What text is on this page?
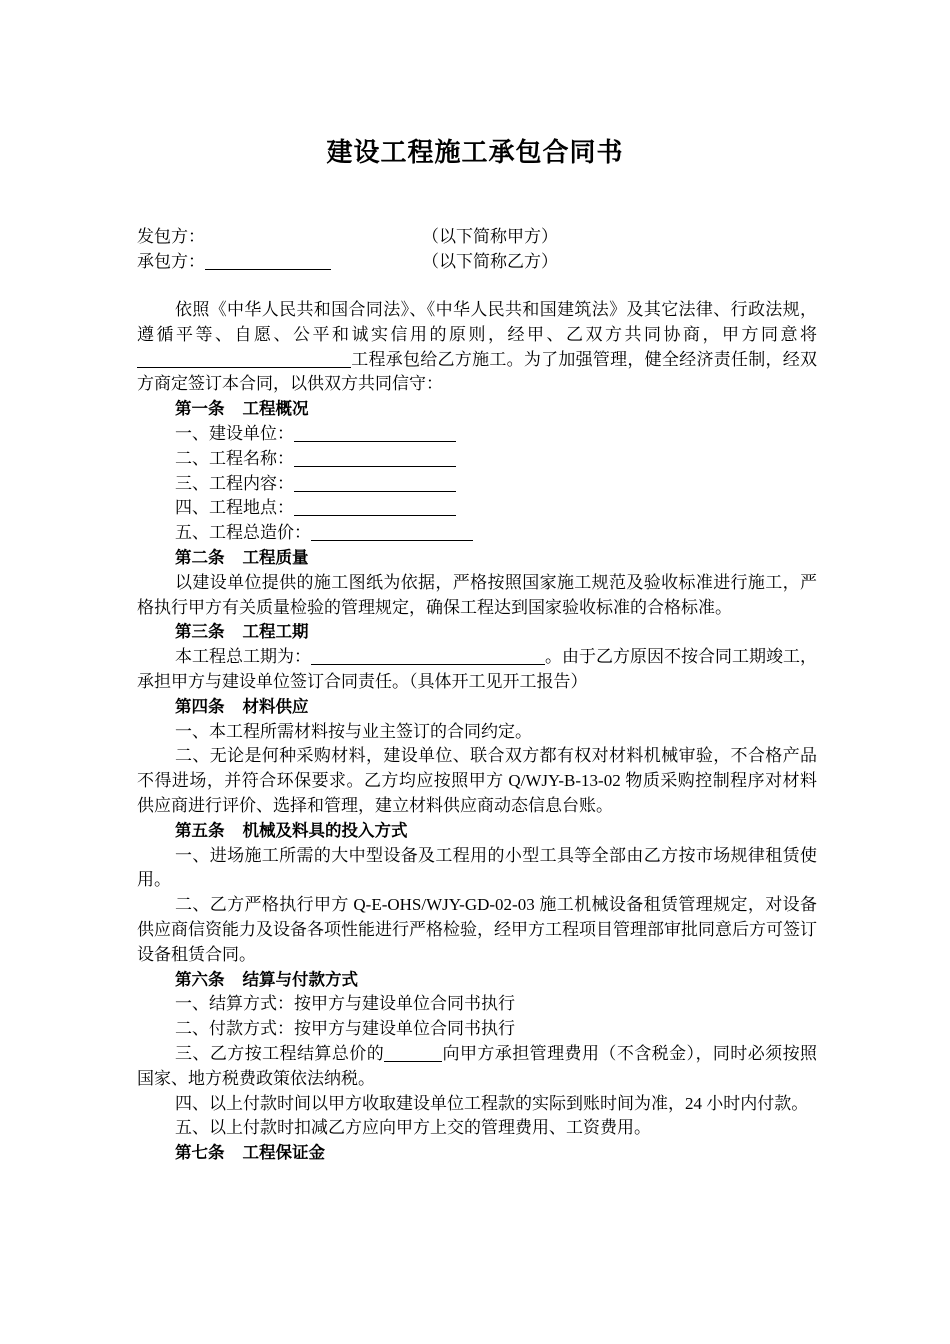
建设工程施工承包合同书
发包方：	（以下简称甲方）
承包方：	（以下简称乙方）

依照《中华人民共和国合同法》、《中华人民共和国建筑法》及其它法律、行政法规，遵循平等、自愿、公平和诚实信用的原则，经甲、乙双方共同协商，甲方同意将工程承包给乙方施工。为了加强管理，健全经济责任制，经双方商定签订本合同，以供双方共同信守：

第一条 工程概况

一、建设单位：

二、工程名称：

三、工程内容：

四、工程地点：

五、工程总造价：

第二条 工程质量

以建设单位提供的施工图纸为依据，严格按照国家施工规范及验收标准进行施工，严格执行甲方有关质量检验的管理规定，确保工程达到国家验收标准的合格标准。

第三条 工程工期

本工程总工期为：	。由于乙方原因不按合同工期竣工，承担甲方与建设单位签订合同责任。（具体开工见开工报告）

第四条 材料供应

一、本工程所需材料按与业主签订的合同约定。

二、无论是何种采购材料，建设单位、联合双方都有权对材料机械审验，不合格产品不得进场，并符合环保要求。乙方均应按照甲方 Q/WJY-B-13-02 物质采购控制程序对材料供应商进行评价、选择和管理，建立材料供应商动态信息台账。

第五条 机械及料具的投入方式

一、进场施工所需的大中型设备及工程用的小型工具等全部由乙方按市场规律租赁使用。

二、乙方严格执行甲方 Q-E-OHS/WJY-GD-02-03 施工机械设备租赁管理规定，对设备供应商信资能力及设备各项性能进行严格检验，经甲方工程项目管理部审批同意后方可签订设备租赁合同。

第六条 结算与付款方式

一、结算方式：按甲方与建设单位合同书执行

二、付款方式：按甲方与建设单位合同书执行

三、乙方按工程结算总价的	向甲方承担管理费用（不含税金），同时必须按照国家、地方税费政策依法纳税。

四、以上付款时间以甲方收取建设单位工程款的实际到账时间为准，24 小时内付款。

五、以上付款时扣减乙方应向甲方上交的管理费用、工资费用。

第七条 工程保证金
